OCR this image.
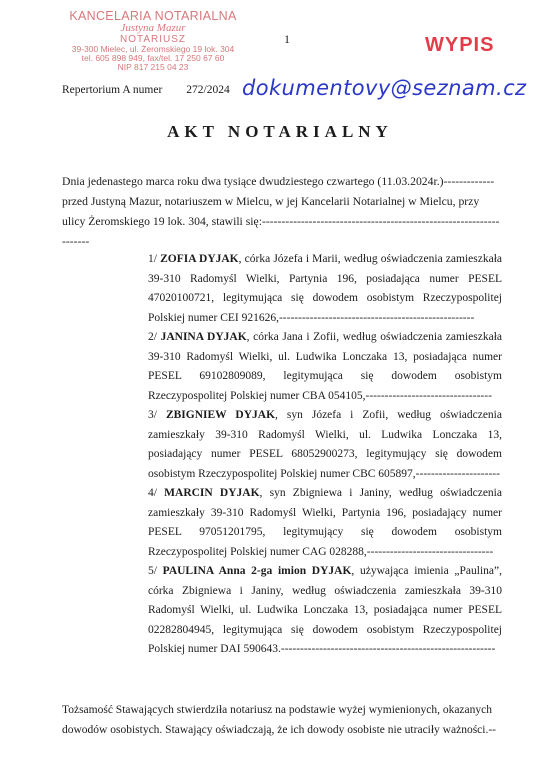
KANCELARIA NOTARIALNA
Justyna Mazur
NOTARIUSZ
39-300 Mielec, ul. Żeromskiego 19 lok. 304
tel. 605 898 949, fax/tel. 17 250 67 60
NIP 817 215 04 23
1	WYPIS
Repertorium A numer 272/2024 dokumentovy@seznam.cz
AKT NOTARIALNY
Dnia jedenastego marca roku dwa tysiące dwudziestego czwartego (11.03.2024r.)------------- przed Justyną Mazur, notariuszem w Mielcu, w jej Kancelarii Notarialnej w Mielcu, przy ulicy Żeromskiego 19 lok. 304, stawili się:--------------------------------------------------------------------

1/ ZOFIA DYJAK, córka Józefa i Marii, według oświadczenia zamieszkała 39-310 Radomyśl Wielki, Partynia 196, posiadająca numer PESEL 47020100721, legitymująca się dowodem osobistym Rzeczypospolitej Polskiej numer CEI 921626,---------------------------------------------------

2/ JANINA DYJAK, córka Jana i Zofii, według oświadczenia zamieszkała 39-310 Radomyśl Wielki, ul. Ludwika Lonczaka 13, posiadająca numer PESEL 69102809089, legitymująca się dowodem osobistym Rzeczypospolitej Polskiej numer CBA 054105,---------------------------------

3/ ZBIGNIEW DYJAK, syn Józefa i Zofii, według oświadczenia zamieszkały 39-310 Radomyśl Wielki, ul. Ludwika Lonczaka 13, posiadający numer PESEL 68052900273, legitymujący się dowodem osobistym Rzeczypospolitej Polskiej numer CBC 605897,----------------------

4/ MARCIN DYJAK, syn Zbigniewa i Janiny, według oświadczenia zamieszkały 39-310 Radomyśl Wielki, Partynia 196, posiadający numer PESEL 97051201795, legitymujący się dowodem osobistym Rzeczypospolitej Polskiej numer CAG 028288,---------------------------------

5/ PAULINA Anna 2-ga imion DYJAK, używająca imienia „Paulina”, córka Zbigniewa i Janiny, według oświadczenia zamieszkała 39-310 Radomyśl Wielki, ul. Ludwika Lonczaka 13, posiadająca numer PESEL 02282804945, legitymująca się dowodem osobistym Rzeczypospolitej Polskiej numer DAI 590643.--------------------------------------------------------

Tożsamość Stawających stwierdziła notariusz na podstawie wyżej wymienionych, okazanych dowodów osobistych. Stawający oświadczają, że ich dowody osobiste nie utraciły ważności.--
